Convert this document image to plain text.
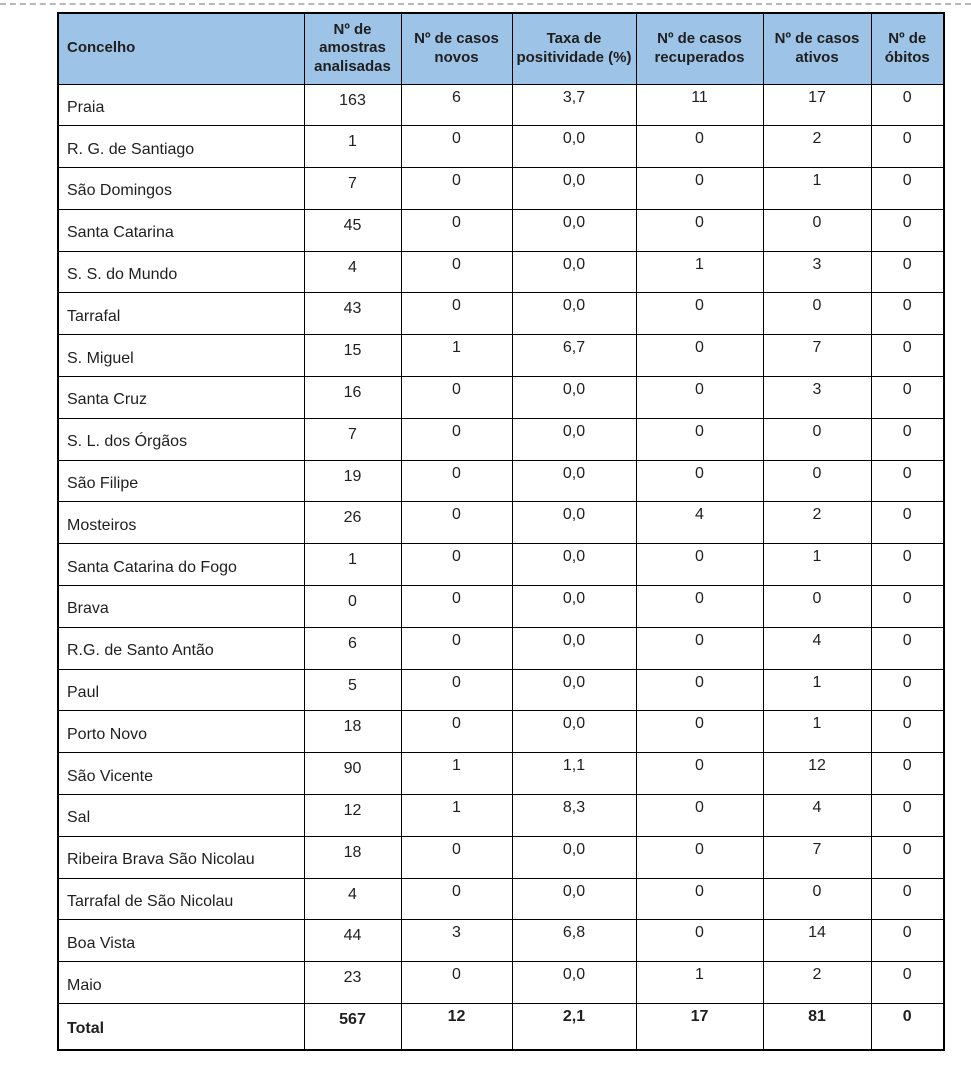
Concelho	Nº de amostras analisadas	Nº de casos novos	Taxa de positividade (%)	Nº de casos recuperados	Nº de casos ativos	Nº de óbitos
Praia	163	6	3,7	11	17	0
R. G. de Santiago	1	0	0,0	0	2	0
São Domingos	7	0	0,0	0	1	0
Santa Catarina	45	0	0,0	0	0	0
S. S. do Mundo	4	0	0,0	1	3	0
Tarrafal	43	0	0,0	0	0	0
S. Miguel	15	1	6,7	0	7	0
Santa Cruz	16	0	0,0	0	3	0
S. L. dos Órgãos	7	0	0,0	0	0	0
São Filipe	19	0	0,0	0	0	0
Mosteiros	26	0	0,0	4	2	0
Santa Catarina do Fogo	1	0	0,0	0	1	0
Brava	0	0	0,0	0	0	0
R.G. de Santo Antão	6	0	0,0	0	4	0
Paul	5	0	0,0	0	1	0
Porto Novo	18	0	0,0	0	1	0
São Vicente	90	1	1,1	0	12	0
Sal	12	1	8,3	0	4	0
Ribeira Brava São Nicolau	18	0	0,0	0	7	0
Tarrafal de São Nicolau	4	0	0,0	0	0	0
Boa Vista	44	3	6,8	0	14	0
Maio	23	0	0,0	1	2	0
Total	567	12	2,1	17	81	0
